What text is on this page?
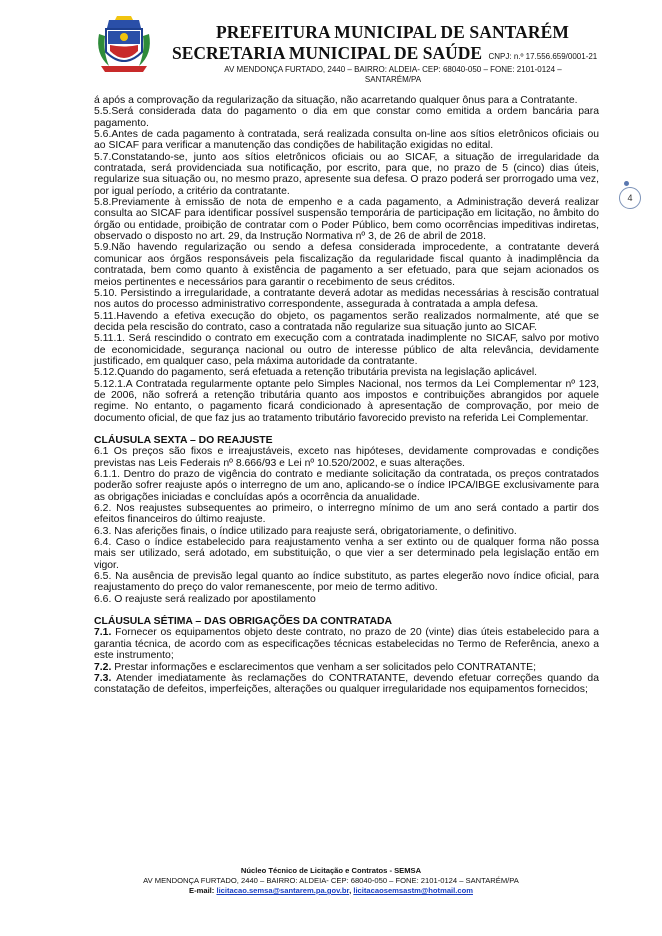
PREFEITURA MUNICIPAL DE SANTARÉM
SECRETARIA MUNICIPAL DE SAÚDE CNPJ: n.º 17.556.659/0001-21
AV MENDONÇA FURTADO, 2440 – BAIRRO: ALDEIA- CEP: 68040-050 – FONE: 2101-0124 –
SANTARÉM/PA
4

á após a comprovação da regularização da situação, não acarretando qualquer ônus para a Contratante.

5.5.Será considerada data do pagamento o dia em que constar como emitida a ordem bancária para pagamento.

5.6.Antes de cada pagamento à contratada, será realizada consulta on-line aos sítios eletrônicos oficiais ou ao SICAF para verificar a manutenção das condições de habilitação exigidas no edital.

5.7.Constatando-se, junto aos sítios eletrônicos oficiais ou ao SICAF, a situação de irregularidade da contratada, será providenciada sua notificação, por escrito, para que, no prazo de 5 (cinco) dias úteis, regularize sua situação ou, no mesmo prazo, apresente sua defesa. O prazo poderá ser prorrogado uma vez, por igual período, a critério da contratante.

5.8.Previamente à emissão de nota de empenho e a cada pagamento, a Administração deverá realizar consulta ao SICAF para identificar possível suspensão temporária de participação em licitação, no âmbito do órgão ou entidade, proibição de contratar com o Poder Público, bem como ocorrências impeditivas indiretas, observado o disposto no art. 29, da Instrução Normativa nº 3, de 26 de abril de 2018.

5.9.Não havendo regularização ou sendo a defesa considerada improcedente, a contratante deverá comunicar aos órgãos responsáveis pela fiscalização da regularidade fiscal quanto à inadimplência da contratada, bem como quanto à existência de pagamento a ser efetuado, para que sejam acionados os meios pertinentes e necessários para garantir o recebimento de seus créditos.

5.10. Persistindo a irregularidade, a contratante deverá adotar as medidas necessárias à rescisão contratual nos autos do processo administrativo correspondente, assegurada à contratada a ampla defesa.

5.11.Havendo a efetiva execução do objeto, os pagamentos serão realizados normalmente, até que se decida pela rescisão do contrato, caso a contratada não regularize sua situação junto ao SICAF.

5.11.1. Será rescindido o contrato em execução com a contratada inadimplente no SICAF, salvo por motivo de economicidade, segurança nacional ou outro de interesse público de alta relevância, devidamente justificado, em qualquer caso, pela máxima autoridade da contratante.

5.12.Quando do pagamento, será efetuada a retenção tributária prevista na legislação aplicável.

5.12.1.A Contratada regularmente optante pelo Simples Nacional, nos termos da Lei Complementar nº 123, de 2006, não sofrerá a retenção tributária quanto aos impostos e contribuições abrangidos por aquele regime. No entanto, o pagamento ficará condicionado à apresentação de comprovação, por meio de documento oficial, de que faz jus ao tratamento tributário favorecido previsto na referida Lei Complementar.

CLÁUSULA SEXTA – DO REAJUSTE

6.1 Os preços são fixos e irreajustáveis, exceto nas hipóteses, devidamente comprovadas e condições previstas nas Leis Federais nº 8.666/93 e Lei nº 10.520/2002, e suas alterações.

6.1.1. Dentro do prazo de vigência do contrato e mediante solicitação da contratada, os preços contratados poderão sofrer reajuste após o interregno de um ano, aplicando-se o índice IPCA/IBGE exclusivamente para as obrigações iniciadas e concluídas após a ocorrência da anualidade.

6.2. Nos reajustes subsequentes ao primeiro, o interregno mínimo de um ano será contado a partir dos efeitos financeiros do último reajuste.

6.3. Nas aferições finais, o índice utilizado para reajuste será, obrigatoriamente, o definitivo.

6.4. Caso o índice estabelecido para reajustamento venha a ser extinto ou de qualquer forma não possa mais ser utilizado, será adotado, em substituição, o que vier a ser determinado pela legislação então em vigor.

6.5. Na ausência de previsão legal quanto ao índice substituto, as partes elegerão novo índice oficial, para reajustamento do preço do valor remanescente, por meio de termo aditivo.

6.6. O reajuste será realizado por apostilamento

CLÁUSULA SÉTIMA – DAS OBRIGAÇÕES DA CONTRATADA

7.1. Fornecer os equipamentos objeto deste contrato, no prazo de 20 (vinte) dias úteis estabelecido para a garantia técnica, de acordo com as especificações técnicas estabelecidas no Termo de Referência, anexo a este instrumento;

7.2. Prestar informações e esclarecimentos que venham a ser solicitados pelo CONTRATANTE;

7.3. Atender imediatamente às reclamações do CONTRATANTE, devendo efetuar correções quando da constatação de defeitos, imperfeições, alterações ou qualquer irregularidade nos equipamentos fornecidos;

Núcleo Técnico de Licitação e Contratos - SEMSA
AV MENDONÇA FURTADO, 2440 – BAIRRO: ALDEIA- CEP: 68040-050 – FONE: 2101-0124 – SANTARÉM/PA
E-mail: licitacao.semsa@santarem.pa.gov.br, licitacaosemsastm@hotmail.com
